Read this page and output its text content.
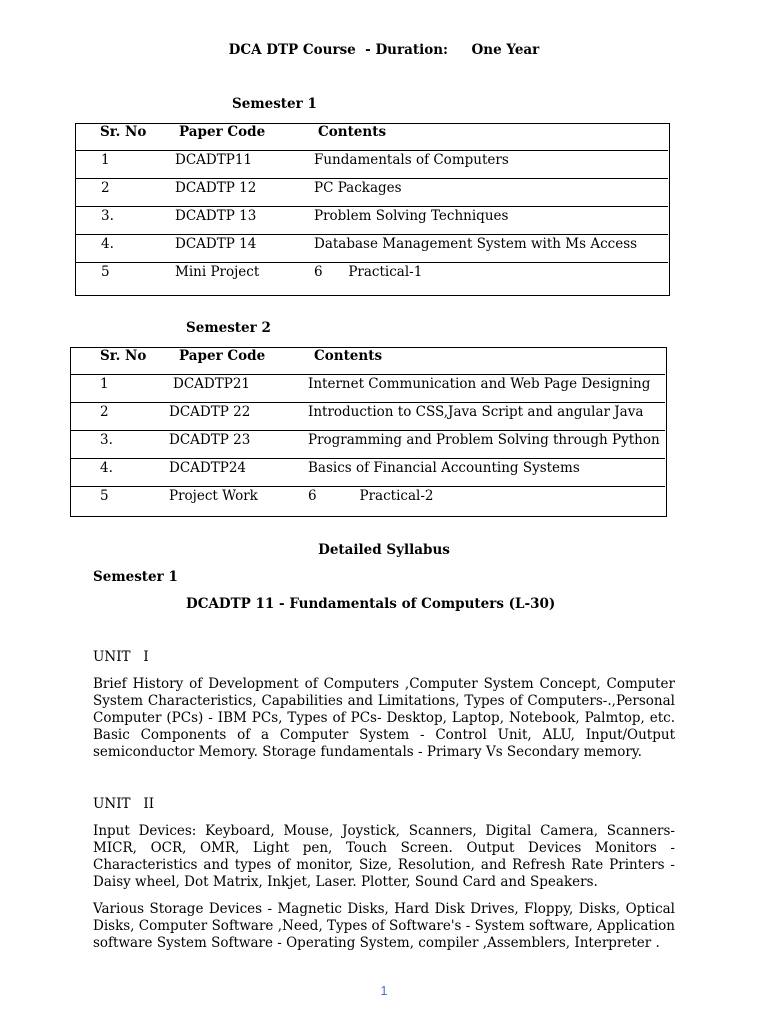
DCA DTP Course  - Duration:     One Year
Semester 1
Sr. No	Paper Code	Contents
1	DCADTP11	Fundamentals of Computers
2	DCADTP 12	PC Packages
3.	DCADTP 13	Problem Solving Techniques
4.	DCADTP 14	Database Management System with Ms Access
5	Mini Project	6      Practical-1
Semester 2
Sr. No	Paper Code	Contents
1	DCADTP21	Internet Communication and Web Page Designing
2	DCADTP 22	Introduction to CSS,Java Script and angular Java
3.	DCADTP 23	Programming and Problem Solving through Python
4.	DCADTP24	Basics of Financial Accounting Systems
5	Project Work	6          Practical-2
Detailed Syllabus
Semester 1
DCADTP 11 - Fundamentals of Computers (L-30)
UNIT   I
Brief History of Development of Computers ,Computer System Concept, Computer System Characteristics, Capabilities and Limitations, Types of Computers-.,Personal Computer (PCs) - IBM PCs, Types of PCs- Desktop, Laptop, Notebook, Palmtop, etc. Basic Components of a Computer System - Control Unit, ALU, Input/Output semiconductor Memory. Storage fundamentals - Primary Vs Secondary memory.
UNIT   II
Input Devices: Keyboard, Mouse, Joystick, Scanners, Digital Camera, Scanners-MICR, OCR, OMR, Light pen, Touch Screen. Output Devices Monitors - Characteristics and types of monitor, Size, Resolution, and Refresh Rate Printers - Daisy wheel, Dot Matrix, Inkjet, Laser. Plotter, Sound Card and Speakers.
Various Storage Devices - Magnetic Disks, Hard Disk Drives, Floppy, Disks, Optical Disks, Computer Software ,Need, Types of Software's - System software, Application software System Software - Operating System, compiler ,Assemblers, Interpreter .
1
